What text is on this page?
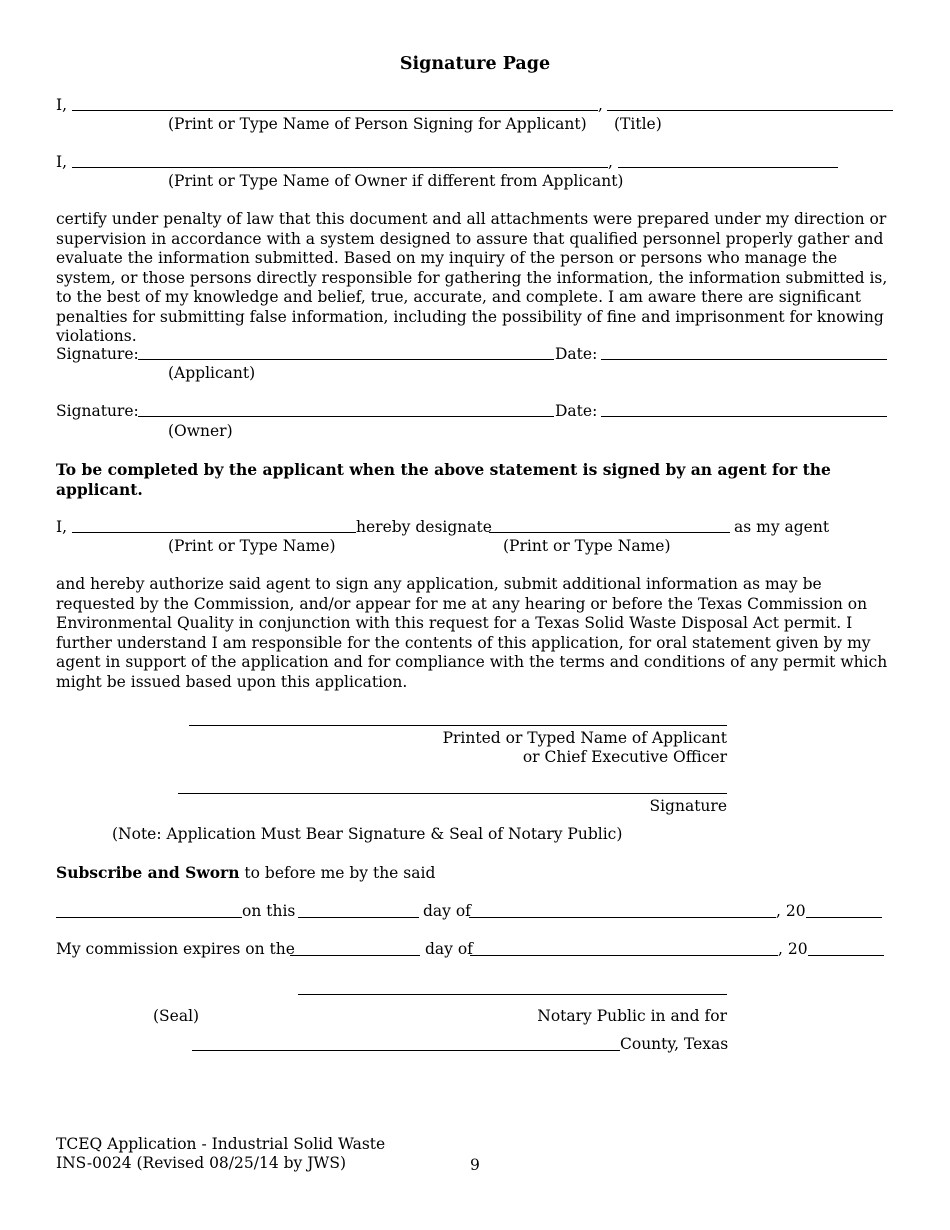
Signature Page
I,	,
(Print or Type Name of Person Signing for Applicant) (Title)
I,	,
(Print or Type Name of Owner if different from Applicant)
certify under penalty of law that this document and all attachments were prepared under my direction or supervision in accordance with a system designed to assure that qualified personnel properly gather and evaluate the information submitted. Based on my inquiry of the person or persons who manage the system, or those persons directly responsible for gathering the information, the information submitted is, to the best of my knowledge and belief, true, accurate, and complete. I am aware there are significant penalties for submitting false information, including the possibility of fine and imprisonment for knowing violations.
Signature:	Date:
(Applicant)
Signature:	Date:
(Owner)
To be completed by the applicant when the above statement is signed by an agent for the applicant.
I,	hereby designate	as my agent
(Print or Type Name)	(Print or Type Name)
and hereby authorize said agent to sign any application, submit additional information as may be requested by the Commission, and/or appear for me at any hearing or before the Texas Commission on Environmental Quality in conjunction with this request for a Texas Solid Waste Disposal Act permit. I further understand I am responsible for the contents of this application, for oral statement given by my agent in support of the application and for compliance with the terms and conditions of any permit which might be issued based upon this application.
Printed or Typed Name of Applicant
or Chief Executive Officer
Signature
(Note: Application Must Bear Signature & Seal of Notary Public)
Subscribe and Sworn to before me by the said
on this	day of	, 20
My commission expires on the	day of	, 20
(Seal)	Notary Public in and for
County, Texas
TCEQ Application - Industrial Solid Waste
INS-0024 (Revised 08/25/14 by JWS)	9
